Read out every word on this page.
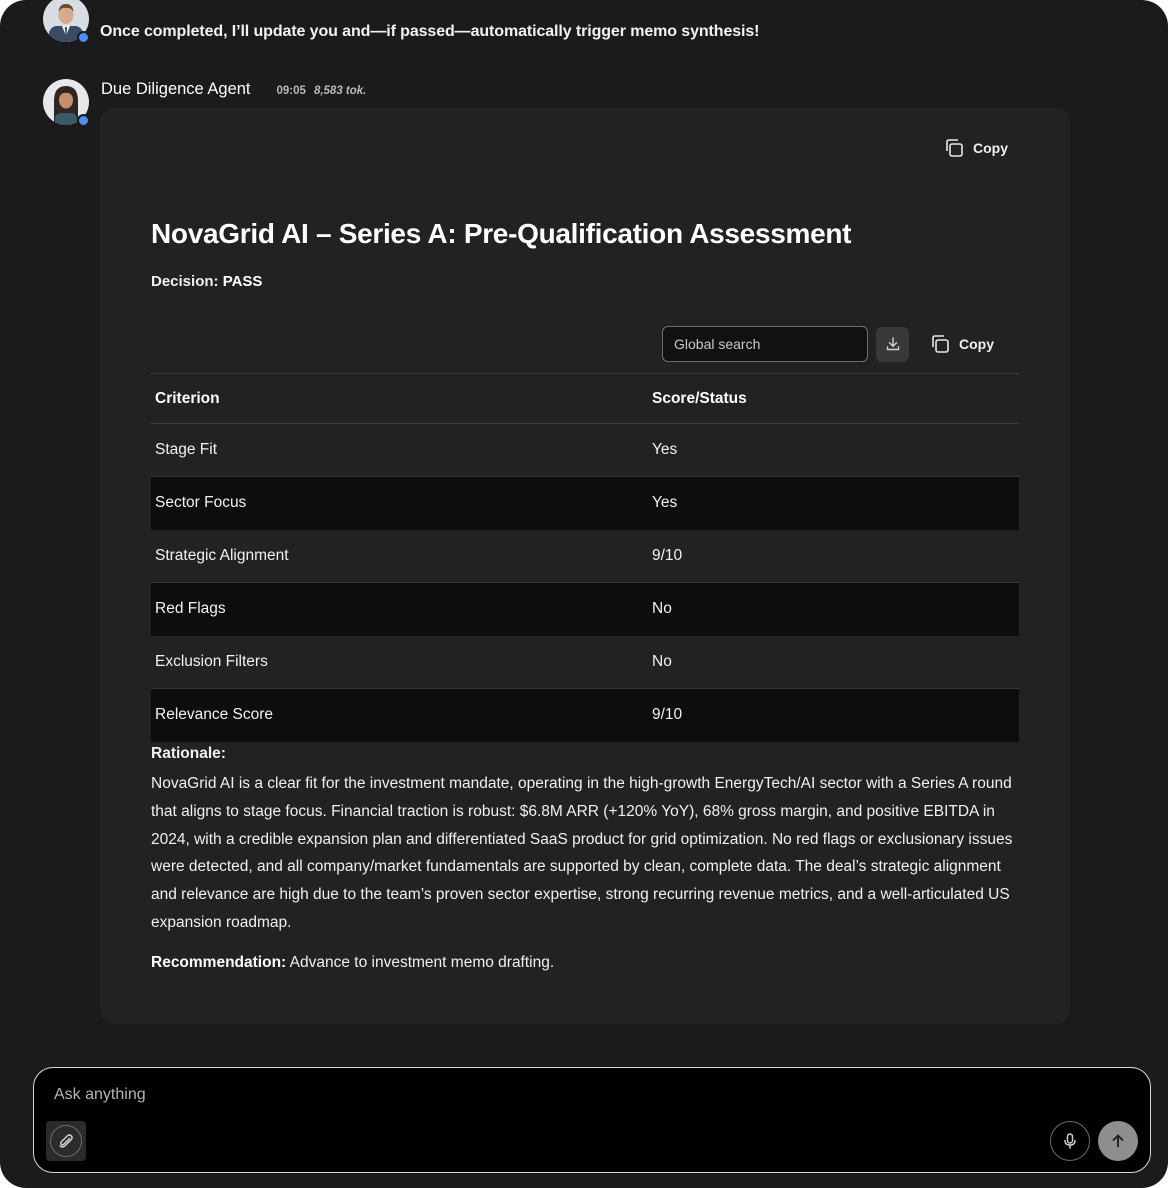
Once completed, I’ll update you and—if passed—automatically trigger memo synthesis!
Due Diligence Agent 09:05 8,583 tok.
Copy
NovaGrid AI – Series A: Pre-Qualification Assessment
Decision: PASS
Global search
Copy
Criterion	Score/Status
Stage Fit	Yes
Sector Focus	Yes
Strategic Alignment	9/10
Red Flags	No
Exclusion Filters	No
Relevance Score	9/10
Rationale:
NovaGrid AI is a clear fit for the investment mandate, operating in the high-growth EnergyTech/AI sector with a Series A round that aligns to stage focus. Financial traction is robust: $6.8M ARR (+120% YoY), 68% gross margin, and positive EBITDA in 2024, with a credible expansion plan and differentiated SaaS product for grid optimization. No red flags or exclusionary issues were detected, and all company/market fundamentals are supported by clean, complete data. The deal’s strategic alignment and relevance are high due to the team’s proven sector expertise, strong recurring revenue metrics, and a well-articulated US expansion roadmap.
Recommendation: Advance to investment memo drafting.
Ask anything
